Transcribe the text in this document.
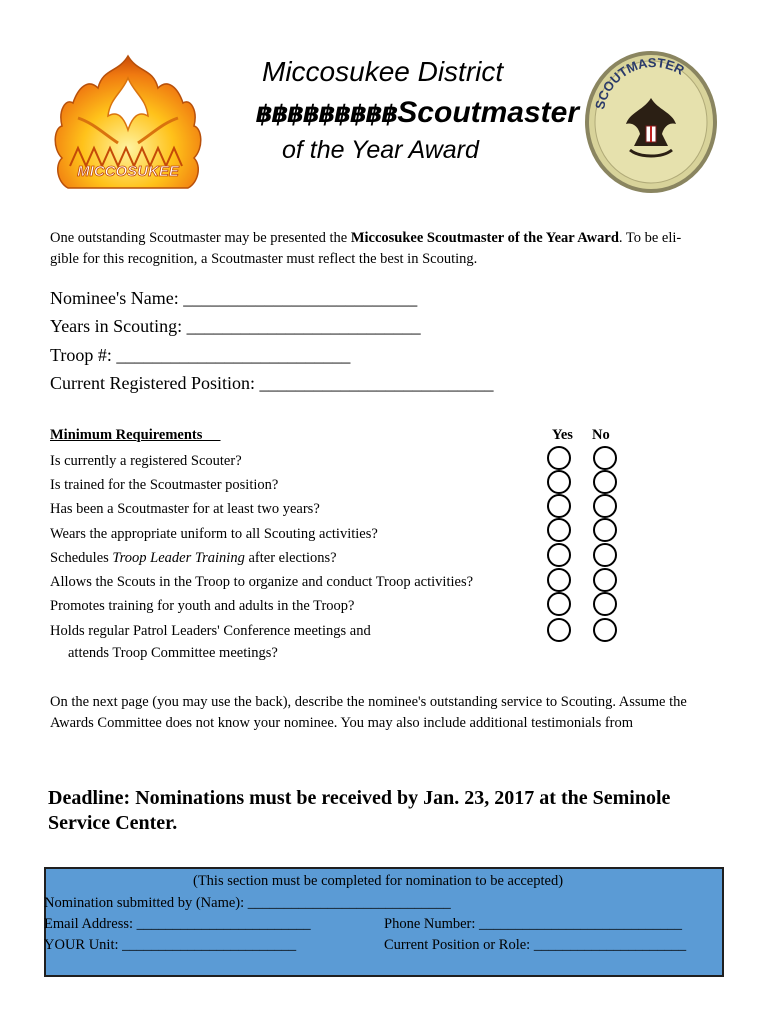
MICCOSUKEE
SCOUTMASTER
Miccosukee District
฿฿฿฿฿฿฿฿฿Scoutmaster
of the Year Award
One outstanding Scoutmaster may be presented the Miccosukee Scoutmaster of the Year Award. To be eli-gible for this recognition, a Scoutmaster must reflect the best in Scouting.
Nominee's Name: __________________________
Years in Scouting: __________________________
Troop #: __________________________
Current Registered Position: __________________________
Minimum Requirements	Yes No
Is currently a registered Scouter?
Is trained for the Scoutmaster position?
Has been a Scoutmaster for at least two years?
Wears the appropriate uniform to all Scouting activities?
Schedules Troop Leader Training after elections?
Allows the Scouts in the Troop to organize and conduct Troop activities?
Promotes training for youth and adults in the Troop?
Holds regular Patrol Leaders' Conference meetings and
attends Troop Committee meetings?
On the next page (you may use the back), describe the nominee's outstanding service to Scouting. Assume the Awards Committee does not know your nominee. You may also include additional testimonials from
Deadline: Nominations must be received by Jan. 23, 2017 at the Seminole Service Center.
(This section must be completed for nomination to be accepted)
Nomination submitted by (Name): ____________________________
Email Address: ________________________	Phone Number: ____________________________
YOUR Unit: ________________________	Current Position or Role: _____________________
